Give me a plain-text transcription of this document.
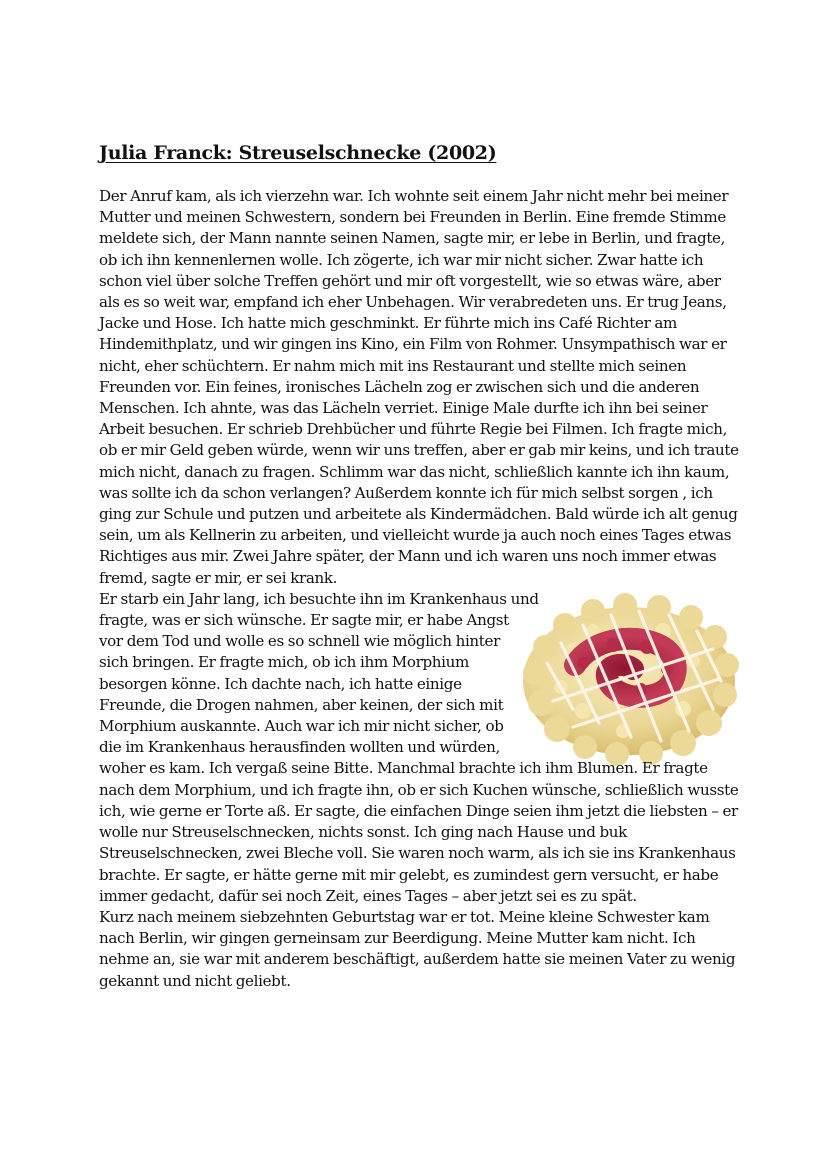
Julia Franck: Streuselschnecke (2002)

Der Anruf kam, als ich vierzehn war. Ich wohnte seit einem Jahr nicht mehr bei meiner Mutter und meinen Schwestern, sondern bei Freunden in Berlin. Eine fremde Stimme meldete sich, der Mann nannte seinen Namen, sagte mir, er lebe in Berlin, und fragte, ob ich ihn kennenlernen wolle. Ich zögerte, ich war mir nicht sicher. Zwar hatte ich schon viel über solche Treffen gehört und mir oft vorgestellt, wie so etwas wäre, aber als es so weit war, empfand ich eher Unbehagen. Wir verabredeten uns. Er trug Jeans, Jacke und Hose. Ich hatte mich geschminkt. Er führte mich ins Café Richter am Hindemithplatz, und wir gingen ins Kino, ein Film von Rohmer. Unsympathisch war er nicht, eher schüchtern. Er nahm mich mit ins Restaurant und stellte mich seinen Freunden vor. Ein feines, ironisches Lächeln zog er zwischen sich und die anderen Menschen. Ich ahnte, was das Lächeln verriet. Einige Male durfte ich ihn bei seiner Arbeit besuchen. Er schrieb Drehbücher und führte Regie bei Filmen. Ich fragte mich, ob er mir Geld geben würde, wenn wir uns treffen, aber er gab mir keins, und ich traute mich nicht, danach zu fragen. Schlimm war das nicht, schließlich kannte ich ihn kaum, was sollte ich da schon verlangen? Außerdem konnte ich für mich selbst sorgen , ich ging zur Schule und putzen und arbeitete als Kindermädchen. Bald würde ich alt genug sein, um als Kellnerin zu arbeiten, und vielleicht wurde ja auch noch eines Tages etwas Richtiges aus mir. Zwei Jahre später, der Mann und ich waren uns noch immer etwas fremd, sagte er mir, er sei krank.

Er starb ein Jahr lang, ich besuchte ihn im Krankenhaus und fragte, was er sich wünsche. Er sagte mir, er habe Angst vor dem Tod und wolle es so schnell wie möglich hinter sich bringen. Er fragte mich, ob ich ihm Morphium besorgen könne. Ich dachte nach, ich hatte einige Freunde, die Drogen nahmen, aber keinen, der sich mit Morphium auskannte. Auch war ich mir nicht sicher, ob die im Krankenhaus herausfinden wollten und würden, woher es kam. Ich vergaß seine Bitte. Manchmal brachte ich ihm Blumen. Er fragte nach dem Morphium, und ich fragte ihn, ob er sich Kuchen wünsche, schließlich wusste ich, wie gerne er Torte aß. Er sagte, die einfachen Dinge seien ihm jetzt die liebsten – er wolle nur Streuselschnecken, nichts sonst. Ich ging nach Hause und buk Streuselschnecken, zwei Bleche voll. Sie waren noch warm, als ich sie ins Krankenhaus brachte. Er sagte, er hätte gerne mit mir gelebt, es zumindest gern versucht, er habe immer gedacht, dafür sei noch Zeit, eines Tages – aber jetzt sei es zu spät.

Kurz nach meinem siebzehnten Geburtstag war er tot. Meine kleine Schwester kam nach Berlin, wir gingen gerneinsam zur Beerdigung. Meine Mutter kam nicht. Ich nehme an, sie war mit anderem beschäftigt, außerdem hatte sie meinen Vater zu wenig gekannt und nicht geliebt.
